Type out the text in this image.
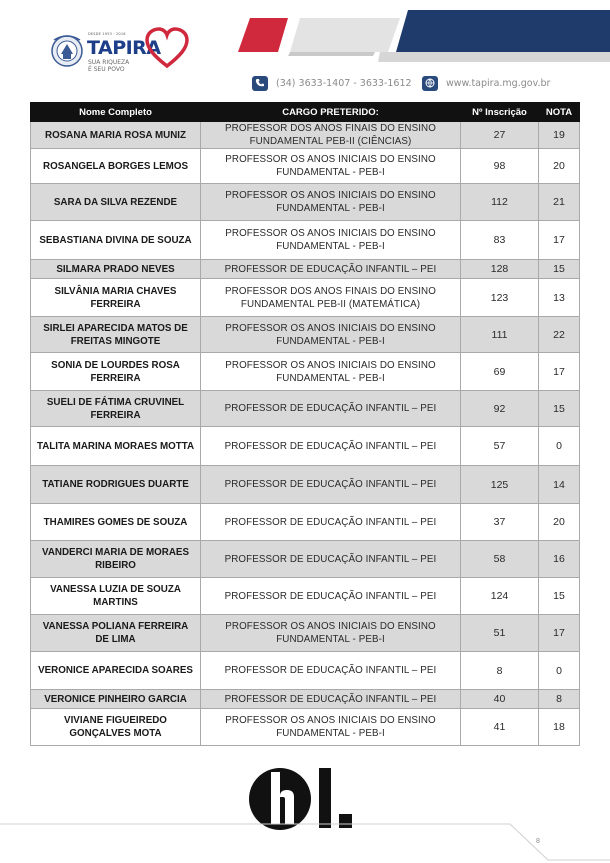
DESDE 1953 · 2016
TAPIRA
SUA RIQUEZA
É SEU POVO
(34) 3633-1407 - 3633-1612	www.tapira.mg.gov.br
Nome Completo	CARGO PRETERIDO:	Nº Inscrição	NOTA
ROSANA MARIA ROSA MUNIZ	PROFESSOR DOS ANOS FINAIS DO ENSINO FUNDAMENTAL PEB-II (CIÊNCIAS)	27	19
ROSANGELA BORGES LEMOS	PROFESSOR OS ANOS INICIAIS DO ENSINO FUNDAMENTAL - PEB-I	98	20
SARA DA SILVA REZENDE	PROFESSOR OS ANOS INICIAIS DO ENSINO FUNDAMENTAL - PEB-I	112	21
SEBASTIANA DIVINA DE SOUZA	PROFESSOR OS ANOS INICIAIS DO ENSINO FUNDAMENTAL - PEB-I	83	17
SILMARA PRADO NEVES	PROFESSOR DE EDUCAÇÃO INFANTIL – PEI	128	15
SILVÂNIA MARIA CHAVES FERREIRA	PROFESSOR DOS ANOS FINAIS DO ENSINO FUNDAMENTAL PEB-II (MATEMÁTICA)	123	13
SIRLEI APARECIDA MATOS DE FREITAS MINGOTE	PROFESSOR OS ANOS INICIAIS DO ENSINO FUNDAMENTAL - PEB-I	111	22
SONIA DE LOURDES ROSA FERREIRA	PROFESSOR OS ANOS INICIAIS DO ENSINO FUNDAMENTAL - PEB-I	69	17
SUELI DE FÁTIMA CRUVINEL FERREIRA	PROFESSOR DE EDUCAÇÃO INFANTIL – PEI	92	15
TALITA MARINA MORAES MOTTA	PROFESSOR DE EDUCAÇÃO INFANTIL – PEI	57	0
TATIANE RODRIGUES DUARTE	PROFESSOR DE EDUCAÇÃO INFANTIL – PEI	125	14
THAMIRES GOMES DE SOUZA	PROFESSOR DE EDUCAÇÃO INFANTIL – PEI	37	20
VANDERCI MARIA DE MORAES RIBEIRO	PROFESSOR DE EDUCAÇÃO INFANTIL – PEI	58	16
VANESSA LUZIA DE SOUZA MARTINS	PROFESSOR DE EDUCAÇÃO INFANTIL – PEI	124	15
VANESSA POLIANA FERREIRA DE LIMA	PROFESSOR OS ANOS INICIAIS DO ENSINO FUNDAMENTAL - PEB-I	51	17
VERONICE APARECIDA SOARES	PROFESSOR DE EDUCAÇÃO INFANTIL – PEI	8	0
VERONICE PINHEIRO GARCIA	PROFESSOR DE EDUCAÇÃO INFANTIL – PEI	40	8
VIVIANE FIGUEIREDO GONÇALVES MOTA	PROFESSOR OS ANOS INICIAIS DO ENSINO FUNDAMENTAL - PEB-I	41	18
8
